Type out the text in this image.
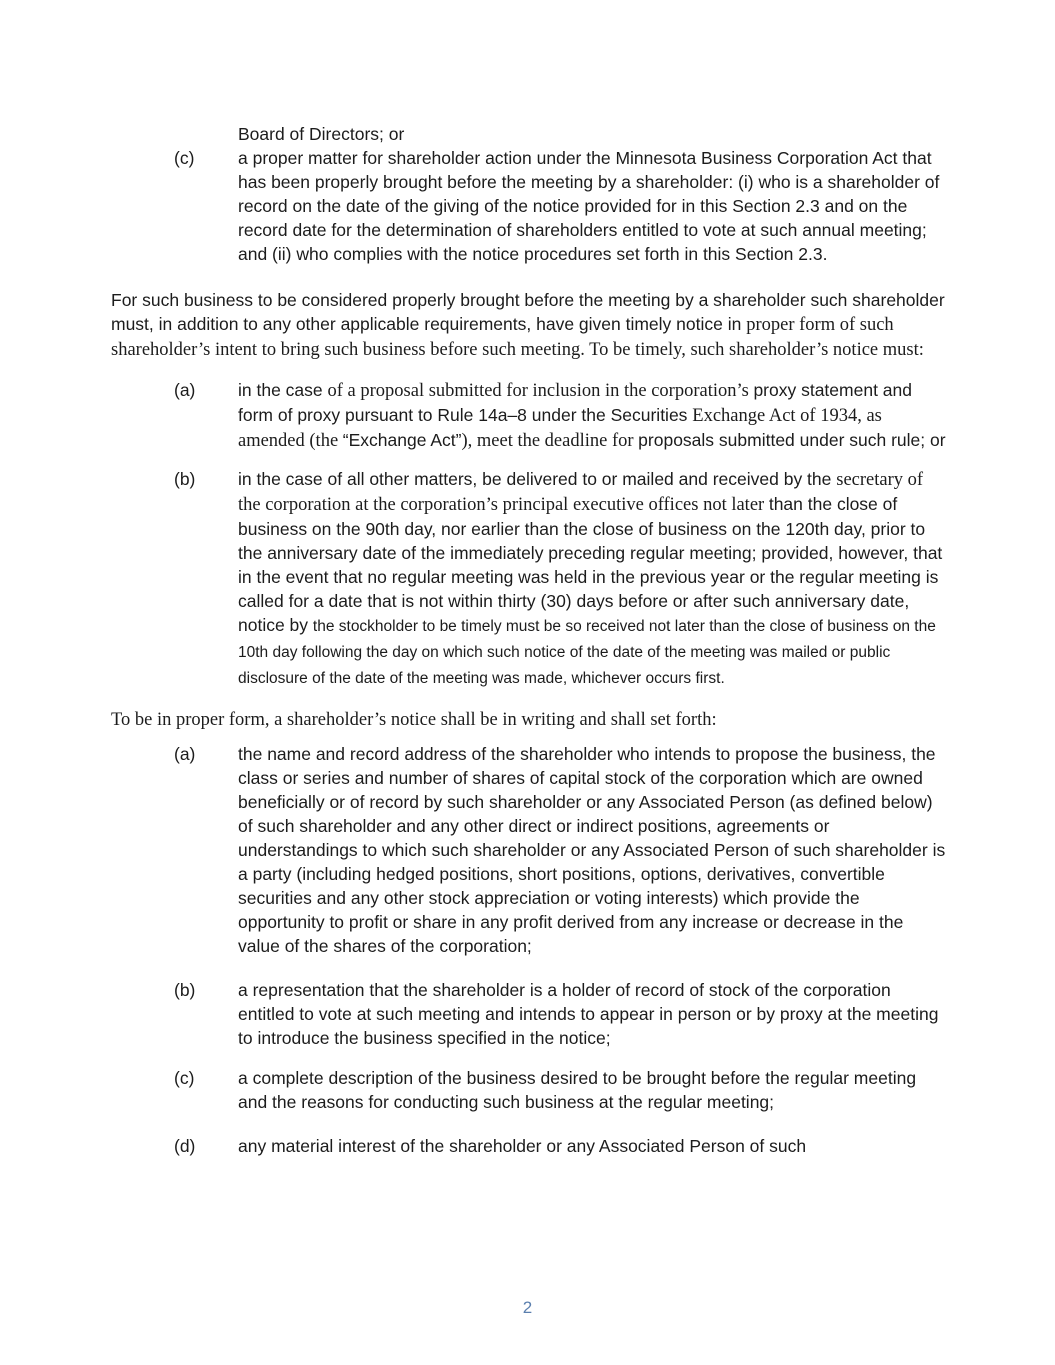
Board of Directors; or
(c) a proper matter for shareholder action under the Minnesota Business Corporation Act that has been properly brought before the meeting by a shareholder: (i) who is a shareholder of record on the date of the giving of the notice provided for in this Section 2.3 and on the record date for the determination of shareholders entitled to vote at such annual meeting; and (ii) who complies with the notice procedures set forth in this Section 2.3.
For such business to be considered properly brought before the meeting by a shareholder such shareholder must, in addition to any other applicable requirements, have given timely notice in proper form of such shareholder’s intent to bring such business before such meeting. To be timely, such shareholder’s notice must:
(a) in the case of a proposal submitted for inclusion in the corporation’s proxy statement and form of proxy pursuant to Rule 14a–8 under the Securities Exchange Act of 1934, as amended (the “Exchange Act”), meet the deadline for proposals submitted under such rule; or
(b) in the case of all other matters, be delivered to or mailed and received by the secretary of the corporation at the corporation’s principal executive offices not later than the close of business on the 90th day, nor earlier than the close of business on the 120th day, prior to the anniversary date of the immediately preceding regular meeting; provided, however, that in the event that no regular meeting was held in the previous year or the regular meeting is called for a date that is not within thirty (30) days before or after such anniversary date, notice by the stockholder to be timely must be so received not later than the close of business on the 10th day following the day on which such notice of the date of the meeting was mailed or public disclosure of the date of the meeting was made, whichever occurs first.
To be in proper form, a shareholder’s notice shall be in writing and shall set forth:
(a) the name and record address of the shareholder who intends to propose the business, the class or series and number of shares of capital stock of the corporation which are owned beneficially or of record by such shareholder or any Associated Person (as defined below) of such shareholder and any other direct or indirect positions, agreements or understandings to which such shareholder or any Associated Person of such shareholder is a party (including hedged positions, short positions, options, derivatives, convertible securities and any other stock appreciation or voting interests) which provide the opportunity to profit or share in any profit derived from any increase or decrease in the value of the shares of the corporation;
(b) a representation that the shareholder is a holder of record of stock of the corporation entitled to vote at such meeting and intends to appear in person or by proxy at the meeting to introduce the business specified in the notice;
(c) a complete description of the business desired to be brought before the regular meeting and the reasons for conducting such business at the regular meeting;
(d) any material interest of the shareholder or any Associated Person of such
2
